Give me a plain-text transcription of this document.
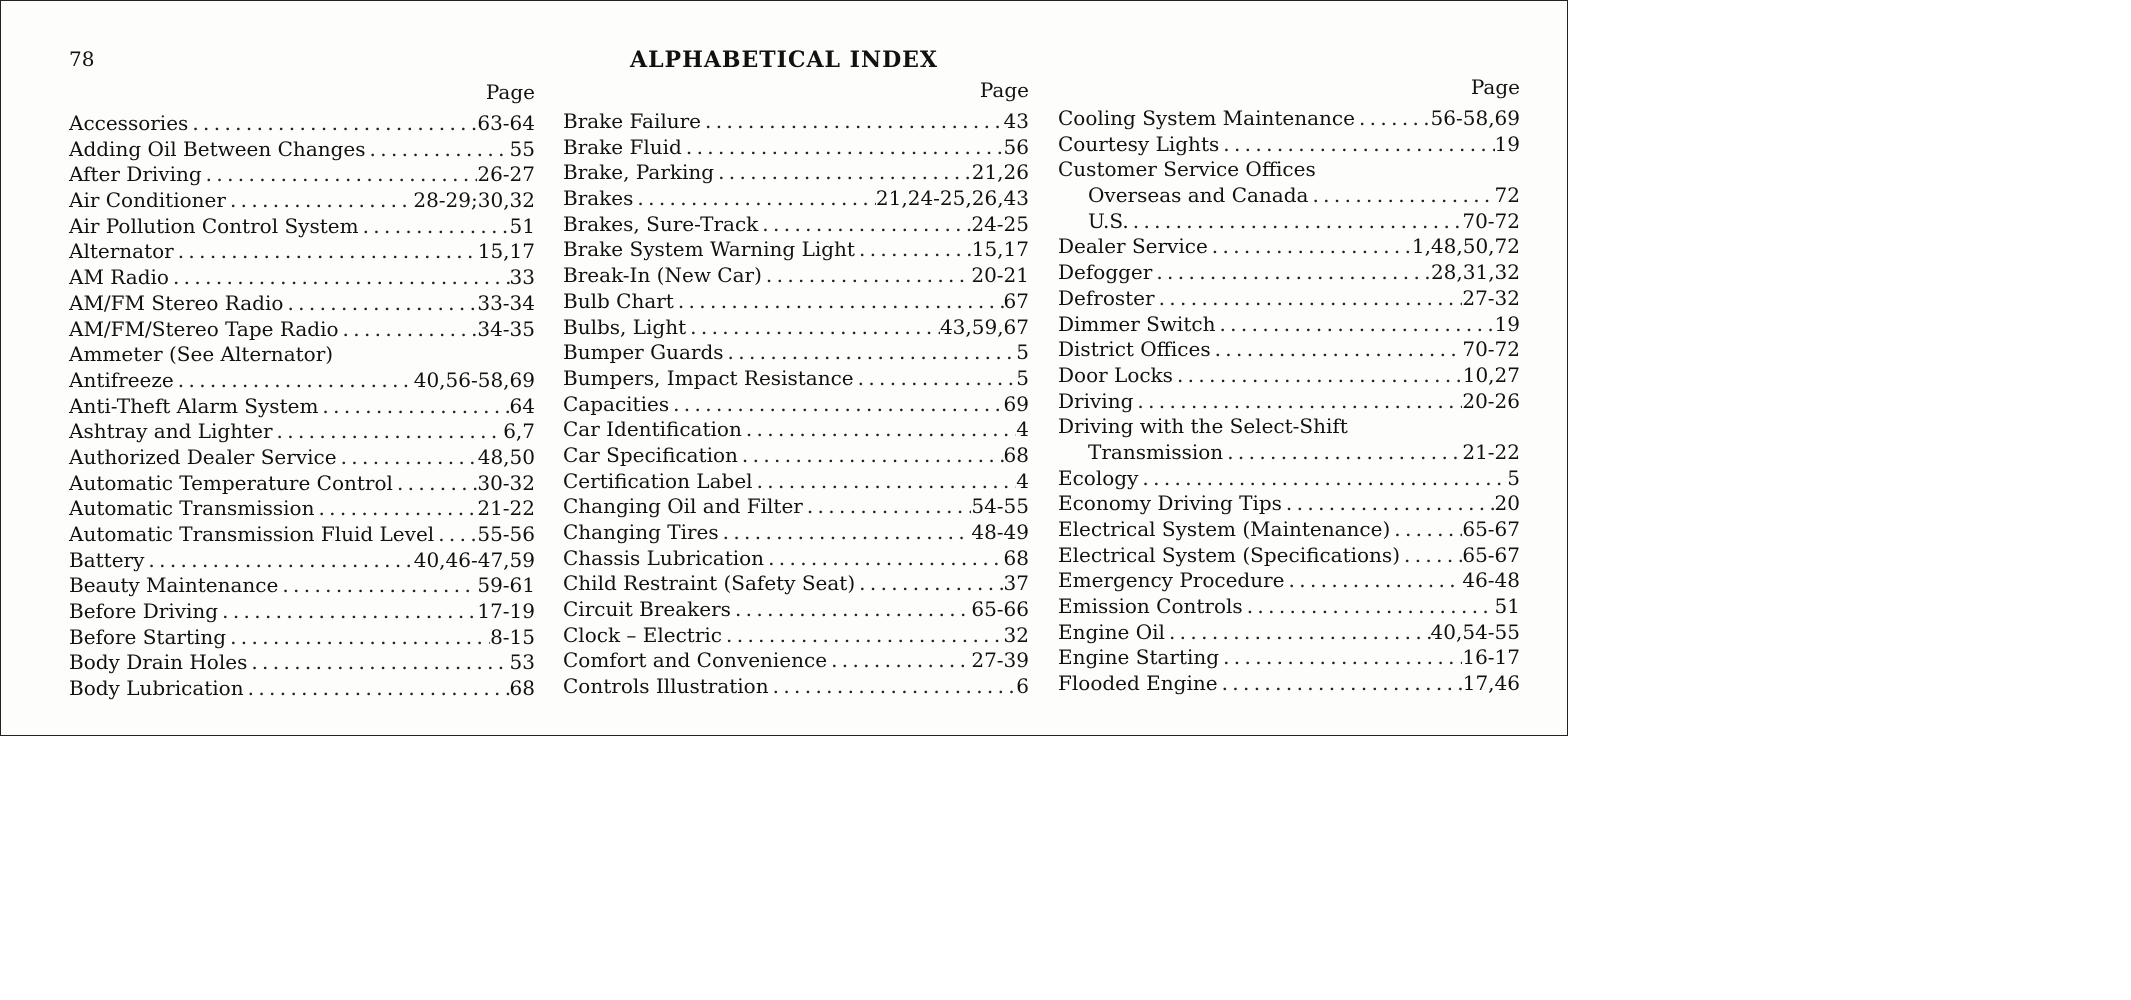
78	ALPHABETICAL INDEX
Page
Accessories . . .	63-64
Adding Oil Between Changes . . .	55
After Driving . . .	26-27
Air Conditioner . . .	28-29;30,32
Air Pollution Control System . . .	51
Alternator . . .	15,17
AM Radio . . .	33
AM/FM Stereo Radio . . .	33-34
AM/FM/Stereo Tape Radio . . .	34-35
Ammeter (See Alternator)
Antifreeze . . .	40,56-58,69
Anti-Theft Alarm System . . .	64
Ashtray and Lighter . . .	6,7
Authorized Dealer Service . . .	48,50
Automatic Temperature Control . . .	30-32
Automatic Transmission . . .	21-22
Automatic Transmission Fluid Level . . . 55-56
Battery . . .	40,46-47,59
Beauty Maintenance . . .	59-61
Before Driving . . .	17-19
Before Starting . . .	8-15
Body Drain Holes . . .	53
Body Lubrication . . .	68
Page
Brake Failure . . .	43
Brake Fluid . . .	56
Brake, Parking . . .	21,26
Brakes . . .	21,24-25,26,43
Brakes, Sure-Track . . .	24-25
Brake System Warning Light . . .	15,17
Break-In (New Car) . . .	20-21
Bulb Chart . . .	67
Bulbs, Light . . .	43,59,67
Bumper Guards . . .	5
Bumpers, Impact Resistance . . .	5
Capacities . . .	69
Car Identification . . .	4
Car Specification . . .	68
Certification Label . . .	4
Changing Oil and Filter . . .	54-55
Changing Tires . . .	48-49
Chassis Lubrication . . .	68
Child Restraint (Safety Seat) . . .	37
Circuit Breakers . . .	65-66
Clock – Electric . . .	32
Comfort and Convenience . . .	27-39
Controls Illustration . . .	6
Page
Cooling System Maintenance . . .	56-58,69
Courtesy Lights . . .	19
Customer Service Offices
Overseas and Canada . . .	72
U.S. . . .	70-72
Dealer Service . . .	1,48,50,72
Defogger . . .	28,31,32
Defroster . . .	27-32
Dimmer Switch . . .	19
District Offices . . .	70-72
Door Locks . . .	10,27
Driving . . .	20-26
Driving with the Select-Shift
Transmission . . .	21-22
Ecology . . .	5
Economy Driving Tips . . .	20
Electrical System (Maintenance) . . .	65-67
Electrical System (Specifications) . . .	65-67
Emergency Procedure . . .	46-48
Emission Controls . . .	51
Engine Oil . . .	40,54-55
Engine Starting . . .	16-17
Flooded Engine . . .	17,46
